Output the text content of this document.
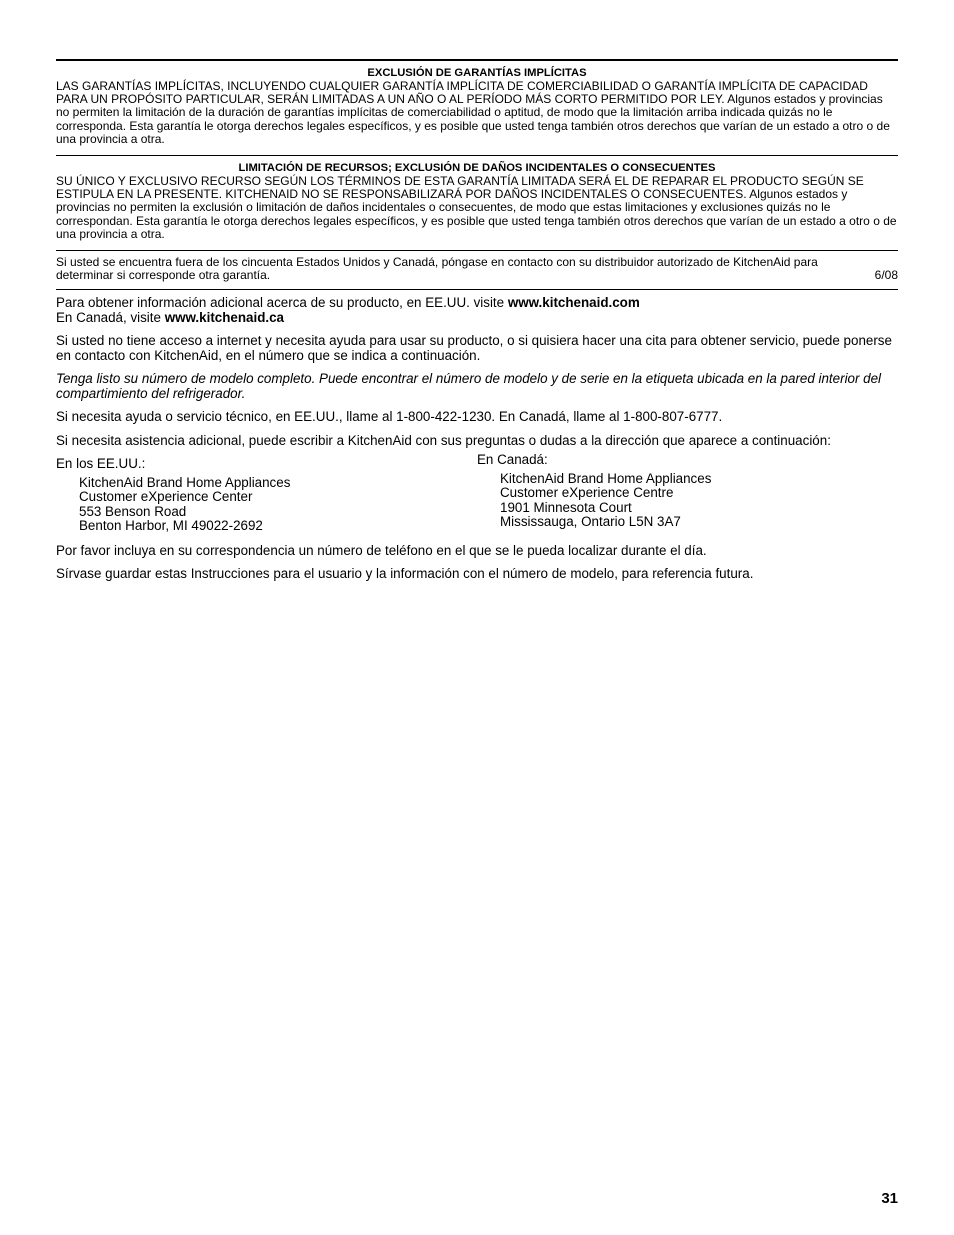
EXCLUSIÓN DE GARANTÍAS IMPLÍCITAS

LAS GARANTÍAS IMPLÍCITAS, INCLUYENDO CUALQUIER GARANTÍA IMPLÍCITA DE COMERCIABILIDAD O GARANTÍA IMPLÍCITA DE CAPACIDAD PARA UN PROPÓSITO PARTICULAR, SERÁN LIMITADAS A UN AÑO O AL PERÍODO MÁS CORTO PERMITIDO POR LEY. Algunos estados y provincias no permiten la limitación de la duración de garantías implícitas de comerciabilidad o aptitud, de modo que la limitación arriba indicada quizás no le corresponda. Esta garantía le otorga derechos legales específicos, y es posible que usted tenga también otros derechos que varían de un estado a otro o de una provincia a otra.

LIMITACIÓN DE RECURSOS; EXCLUSIÓN DE DAÑOS INCIDENTALES O CONSECUENTES

SU ÚNICO Y EXCLUSIVO RECURSO SEGÚN LOS TÉRMINOS DE ESTA GARANTÍA LIMITADA SERÁ EL DE REPARAR EL PRODUCTO SEGÚN SE ESTIPULA EN LA PRESENTE. KITCHENAID NO SE RESPONSABILIZARÁ POR DAÑOS INCIDENTALES O CONSECUENTES. Algunos estados y provincias no permiten la exclusión o limitación de daños incidentales o consecuentes, de modo que estas limitaciones y exclusiones quizás no le correspondan. Esta garantía le otorga derechos legales específicos, y es posible que usted tenga también otros derechos que varían de un estado a otro o de una provincia a otra.

Si usted se encuentra fuera de los cincuenta Estados Unidos y Canadá, póngase en contacto con su distribuidor autorizado de KitchenAid para

determinar si corresponde otra garantía.	6/08

Para obtener información adicional acerca de su producto, en EE.UU. visite www.kitchenaid.com

En Canadá, visite www.kitchenaid.ca

Si usted no tiene acceso a internet y necesita ayuda para usar su producto, o si quisiera hacer una cita para obtener servicio, puede ponerse en contacto con KitchenAid, en el número que se indica a continuación.

Tenga listo su número de modelo completo. Puede encontrar el número de modelo y de serie en la etiqueta ubicada en la pared interior del compartimiento del refrigerador.

Si necesita ayuda o servicio técnico, en EE.UU., llame al 1-800-422-1230. En Canadá, llame al 1-800-807-6777.

Si necesita asistencia adicional, puede escribir a KitchenAid con sus preguntas o dudas a la dirección que aparece a continuación:

En los EE.UU.:
KitchenAid Brand Home Appliances
Customer eXperience Center
553 Benson Road
Benton Harbor, MI 49022-2692
En Canadá:
KitchenAid Brand Home Appliances
Customer eXperience Centre
1901 Minnesota Court
Mississauga, Ontario L5N 3A7

Por favor incluya en su correspondencia un número de teléfono en el que se le pueda localizar durante el día.

Sírvase guardar estas Instrucciones para el usuario y la información con el número de modelo, para referencia futura.

31
